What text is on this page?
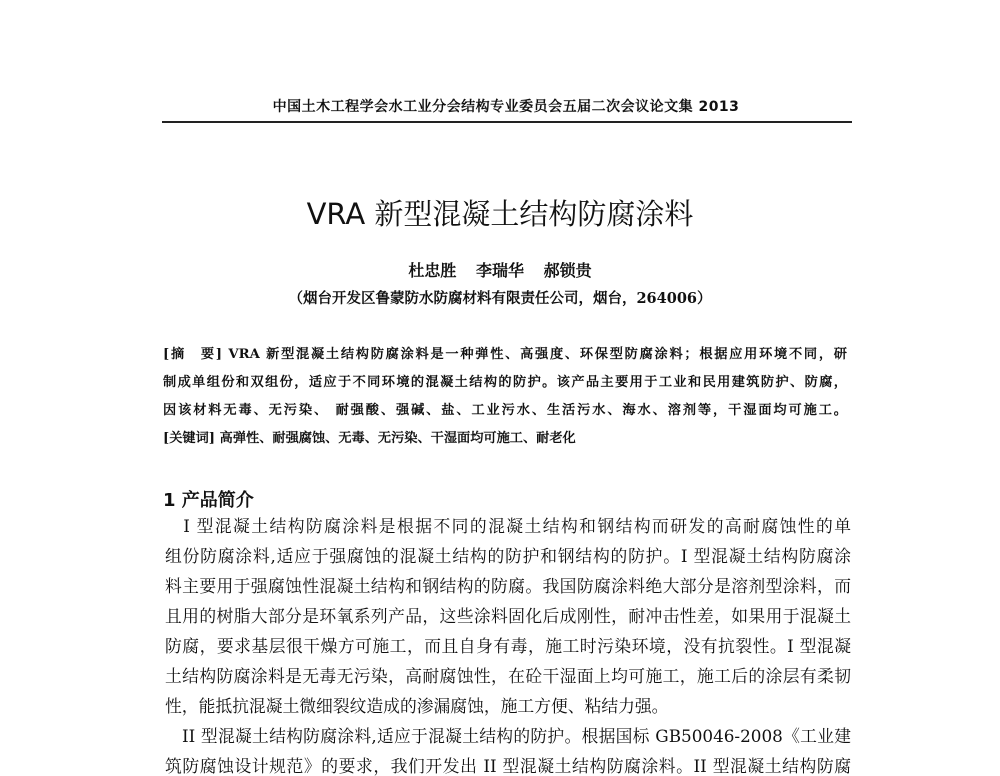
中国土木工程学会水工业分会结构专业委员会五届二次会议论文集 2013
VRA 新型混凝土结构防腐涂料
杜忠胜 李瑞华 郝锁贵
（烟台开发区鲁蒙防水防腐材料有限责任公司，烟台，264006）
[摘　要] VRA 新型混凝土结构防腐涂料是一种弹性、高强度、环保型防腐涂料；根据应用环境不同，研
制成单组份和双组份，适应于不同环境的混凝土结构的防护。该产品主要用于工业和民用建筑防护、防腐，
因该材料无毒、无污染、 耐强酸、强碱、盐、工业污水、生活污水、海水、溶剂等，干湿面均可施工。
[关键词] 高弹性、耐强腐蚀、无毒、无污染、干湿面均可施工、耐老化
1 产品简介
　I 型混凝土结构防腐涂料是根据不同的混凝土结构和钢结构而研发的高耐腐蚀性的单
组份防腐涂料,适应于强腐蚀的混凝土结构的防护和钢结构的防护。I 型混凝土结构防腐涂
料主要用于强腐蚀性混凝土结构和钢结构的防腐。我国防腐涂料绝大部分是溶剂型涂料，而
且用的树脂大部分是环氧系列产品，这些涂料固化后成刚性，耐冲击性差，如果用于混凝土
防腐，要求基层很干燥方可施工，而且自身有毒，施工时污染环境，没有抗裂性。I 型混凝
土结构防腐涂料是无毒无污染，高耐腐蚀性，在砼干湿面上均可施工，施工后的涂层有柔韧
性，能抵抗混凝土微细裂纹造成的渗漏腐蚀，施工方便、粘结力强。
　II 型混凝土结构防腐涂料,适应于混凝土结构的防护。根据国标 GB50046-2008《工业建
筑防腐蚀设计规范》的要求，我们开发出 II 型混凝土结构防腐涂料。II 型混凝土结构防腐
